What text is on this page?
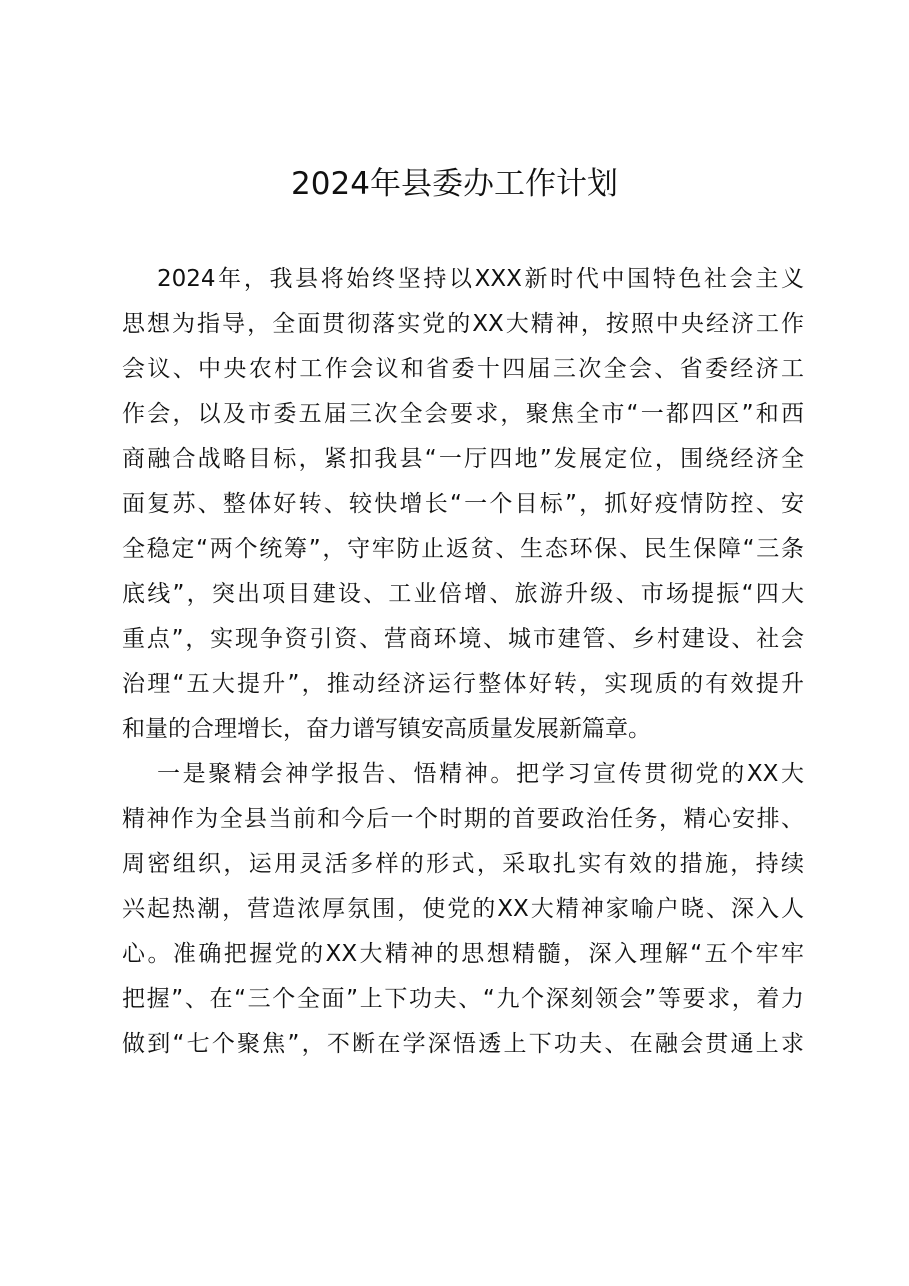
2024年县委办工作计划
2024年，我县将始终坚持以XXX新时代中国特色社会主义
思想为指导，全面贯彻落实党的XX大精神，按照中央经济工作
会议、中央农村工作会议和省委十四届三次全会、省委经济工
作会，以及市委五届三次全会要求，聚焦全市“一都四区”和西
商融合战略目标，紧扣我县“一厅四地”发展定位，围绕经济全
面复苏、整体好转、较快增长“一个目标”，抓好疫情防控、安
全稳定“两个统筹”，守牢防止返贫、生态环保、民生保障“三条
底线”，突出项目建设、工业倍增、旅游升级、市场提振“四大
重点”，实现争资引资、营商环境、城市建管、乡村建设、社会
治理“五大提升”，推动经济运行整体好转，实现质的有效提升
和量的合理增长，奋力谱写镇安高质量发展新篇章。
一是聚精会神学报告、悟精神。把学习宣传贯彻党的XX大
精神作为全县当前和今后一个时期的首要政治任务，精心安排、
周密组织，运用灵活多样的形式，采取扎实有效的措施，持续
兴起热潮，营造浓厚氛围，使党的XX大精神家喻户晓、深入人
心。准确把握党的XX大精神的思想精髓，深入理解“五个牢牢
把握”、在“三个全面”上下功夫、“九个深刻领会”等要求，着力
做到“七个聚焦”，不断在学深悟透上下功夫、在融会贯通上求
